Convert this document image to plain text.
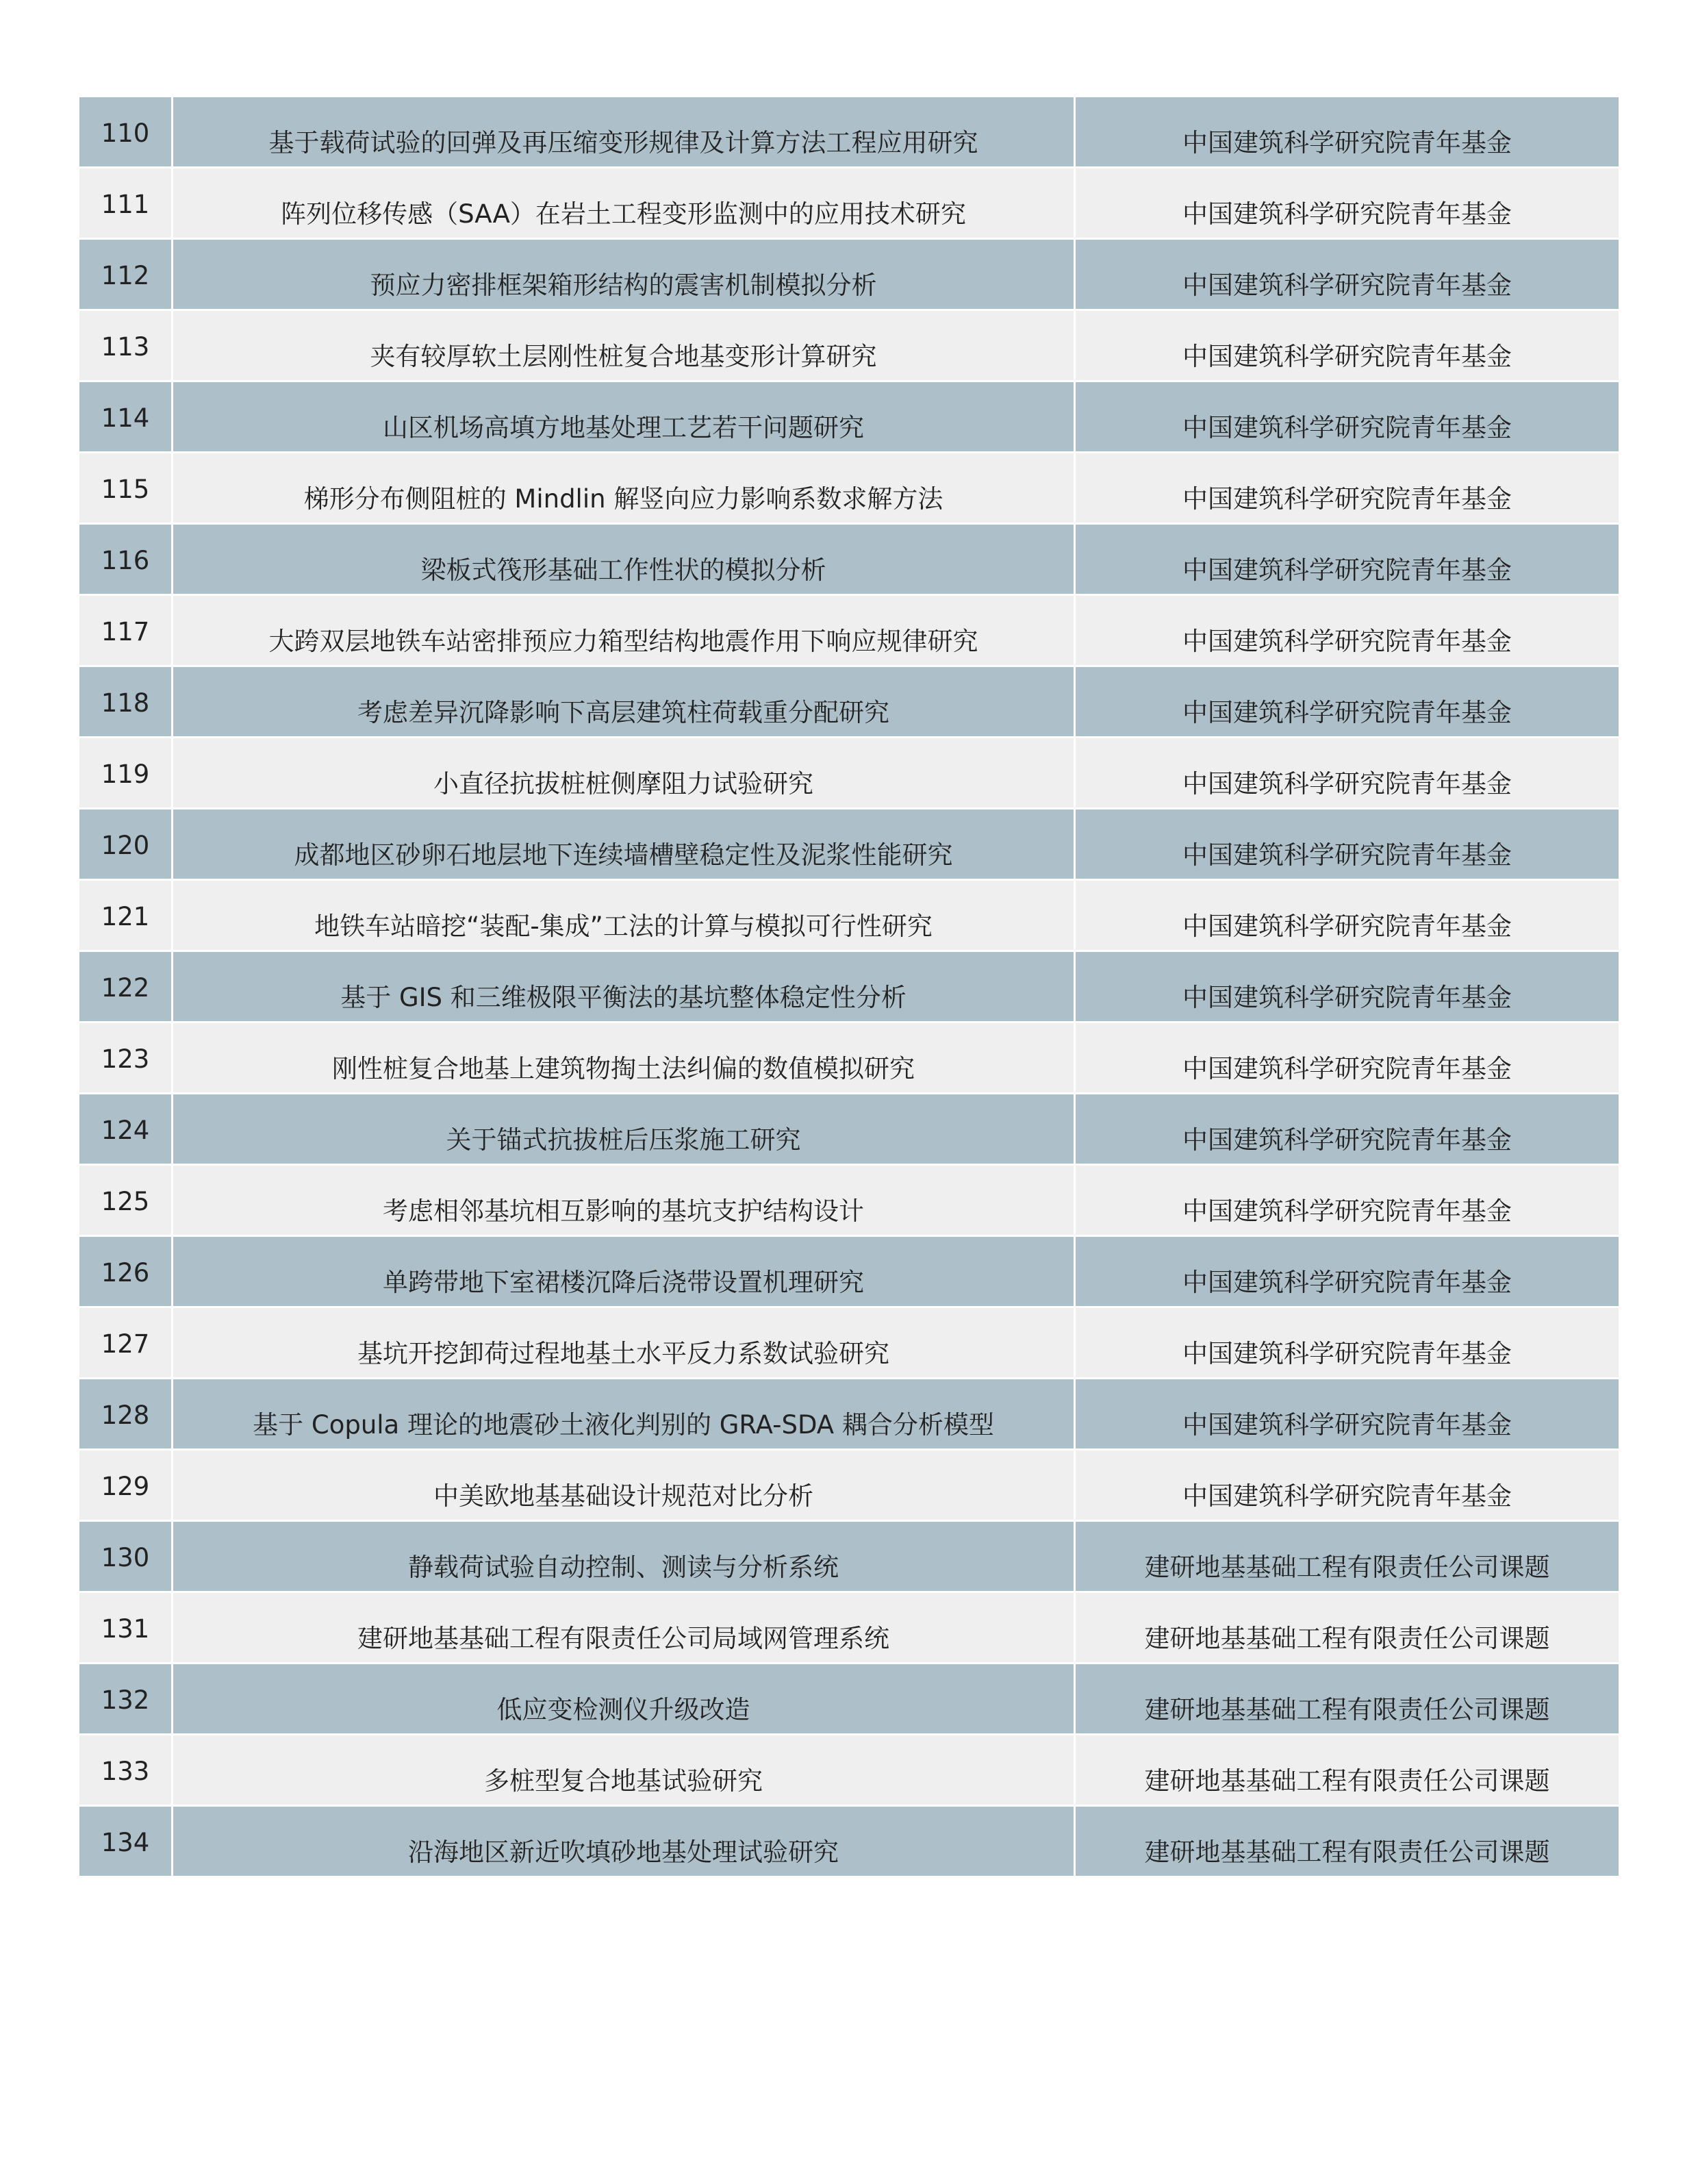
110	基于载荷试验的回弹及再压缩变形规律及计算方法工程应用研究	中国建筑科学研究院青年基金
111	阵列位移传感（SAA）在岩土工程变形监测中的应用技术研究	中国建筑科学研究院青年基金
112	预应力密排框架箱形结构的震害机制模拟分析	中国建筑科学研究院青年基金
113	夹有较厚软土层刚性桩复合地基变形计算研究	中国建筑科学研究院青年基金
114	山区机场高填方地基处理工艺若干问题研究	中国建筑科学研究院青年基金
115	梯形分布侧阻桩的 Mindlin 解竖向应力影响系数求解方法	中国建筑科学研究院青年基金
116	梁板式筏形基础工作性状的模拟分析	中国建筑科学研究院青年基金
117	大跨双层地铁车站密排预应力箱型结构地震作用下响应规律研究	中国建筑科学研究院青年基金
118	考虑差异沉降影响下高层建筑柱荷载重分配研究	中国建筑科学研究院青年基金
119	小直径抗拔桩桩侧摩阻力试验研究	中国建筑科学研究院青年基金
120	成都地区砂卵石地层地下连续墙槽壁稳定性及泥浆性能研究	中国建筑科学研究院青年基金
121	地铁车站暗挖“装配-集成”工法的计算与模拟可行性研究	中国建筑科学研究院青年基金
122	基于 GIS 和三维极限平衡法的基坑整体稳定性分析	中国建筑科学研究院青年基金
123	刚性桩复合地基上建筑物掏土法纠偏的数值模拟研究	中国建筑科学研究院青年基金
124	关于锚式抗拔桩后压浆施工研究	中国建筑科学研究院青年基金
125	考虑相邻基坑相互影响的基坑支护结构设计	中国建筑科学研究院青年基金
126	单跨带地下室裙楼沉降后浇带设置机理研究	中国建筑科学研究院青年基金
127	基坑开挖卸荷过程地基土水平反力系数试验研究	中国建筑科学研究院青年基金
128	基于 Copula 理论的地震砂土液化判别的 GRA-SDA 耦合分析模型	中国建筑科学研究院青年基金
129	中美欧地基基础设计规范对比分析	中国建筑科学研究院青年基金
130	静载荷试验自动控制、测读与分析系统	建研地基基础工程有限责任公司课题
131	建研地基基础工程有限责任公司局域网管理系统	建研地基基础工程有限责任公司课题
132	低应变检测仪升级改造	建研地基基础工程有限责任公司课题
133	多桩型复合地基试验研究	建研地基基础工程有限责任公司课题
134	沿海地区新近吹填砂地基处理试验研究	建研地基基础工程有限责任公司课题
